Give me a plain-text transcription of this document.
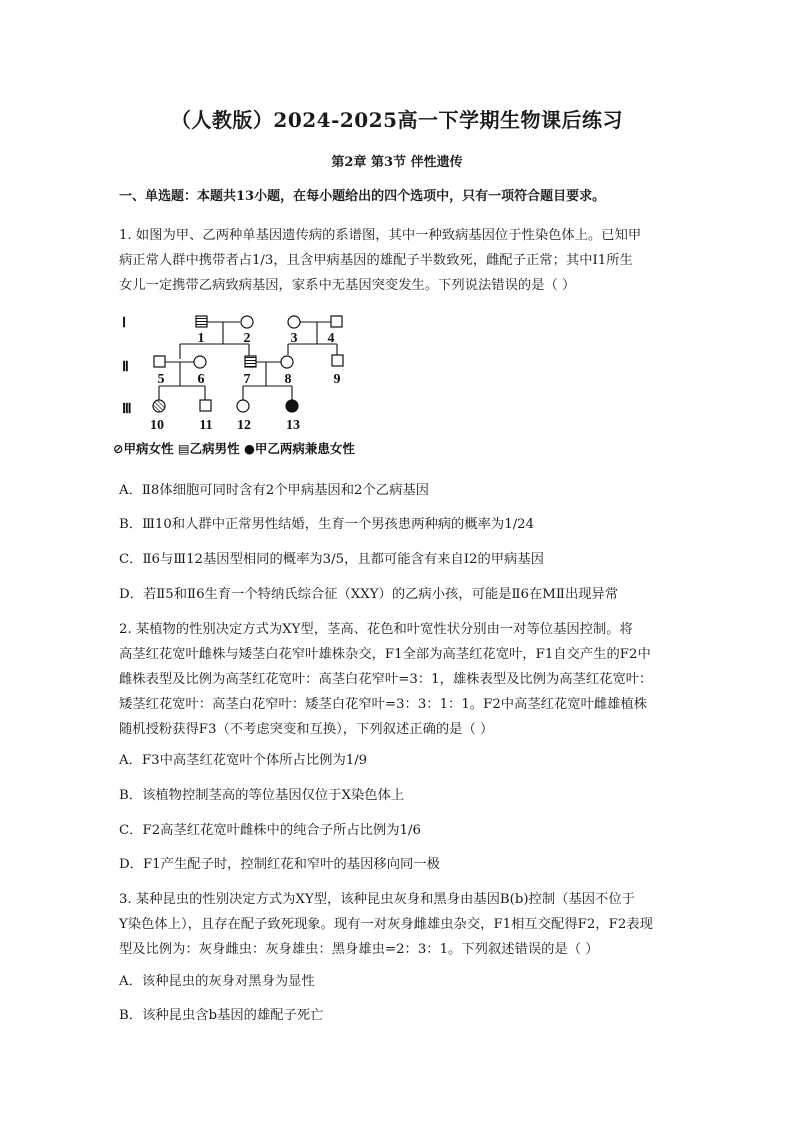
（人教版）2024-2025高一下学期生物课后练习
第2章 第3节 伴性遗传
一、单选题：本题共13小题，在每小题给出的四个选项中，只有一项符合题目要求。
1. 如图为甲、乙两种单基因遗传病的系谱图，其中一种致病基因位于性染色体上。已知甲
病正常人群中携带者占1/3，且含甲病基因的雄配子半数致死，雌配子正常；其中Ⅰ1所生
女儿一定携带乙病致病基因，家系中无基因突变发生。下列说法错误的是（ ）
Ⅰ
Ⅱ
Ⅲ
1	2	3 4
5 6	7 8	9
10	11 12	13
⊘甲病女性 ▤乙病男性 ●甲乙两病兼患女性
A．Ⅱ8体细胞可同时含有2个甲病基因和2个乙病基因
B．Ⅲ10和人群中正常男性结婚，生育一个男孩患两种病的概率为1/24
C．Ⅱ6与Ⅲ12基因型相同的概率为3/5，且都可能含有来自Ⅰ2的甲病基因
D．若Ⅱ5和Ⅱ6生育一个特纳氏综合征（XXY）的乙病小孩，可能是Ⅱ6在MⅡ出现异常
2. 某植物的性别决定方式为XY型，茎高、花色和叶宽性状分别由一对等位基因控制。将
高茎红花宽叶雌株与矮茎白花窄叶雄株杂交，F1全部为高茎红花宽叶，F1自交产生的F2中
雌株表型及比例为高茎红花宽叶：高茎白花窄叶=3：1，雄株表型及比例为高茎红花宽叶：
矮茎红花宽叶：高茎白花窄叶：矮茎白花窄叶=3：3：1：1。F2中高茎红花宽叶雌雄植株
随机授粉获得F3（不考虑突变和互换），下列叙述正确的是（ ）
A．F3中高茎红花宽叶个体所占比例为1/9
B．该植物控制茎高的等位基因仅位于X染色体上
C．F2高茎红花宽叶雌株中的纯合子所占比例为1/6
D．F1产生配子时，控制红花和窄叶的基因移向同一极
3. 某种昆虫的性别决定方式为XY型，该种昆虫灰身和黑身由基因B(b)控制（基因不位于
Y染色体上），且存在配子致死现象。现有一对灰身雌雄虫杂交，F1相互交配得F2，F2表现
型及比例为：灰身雌虫：灰身雄虫：黑身雄虫=2：3：1。下列叙述错误的是（ ）
A．该种昆虫的灰身对黑身为显性
B．该种昆虫含b基因的雄配子死亡
